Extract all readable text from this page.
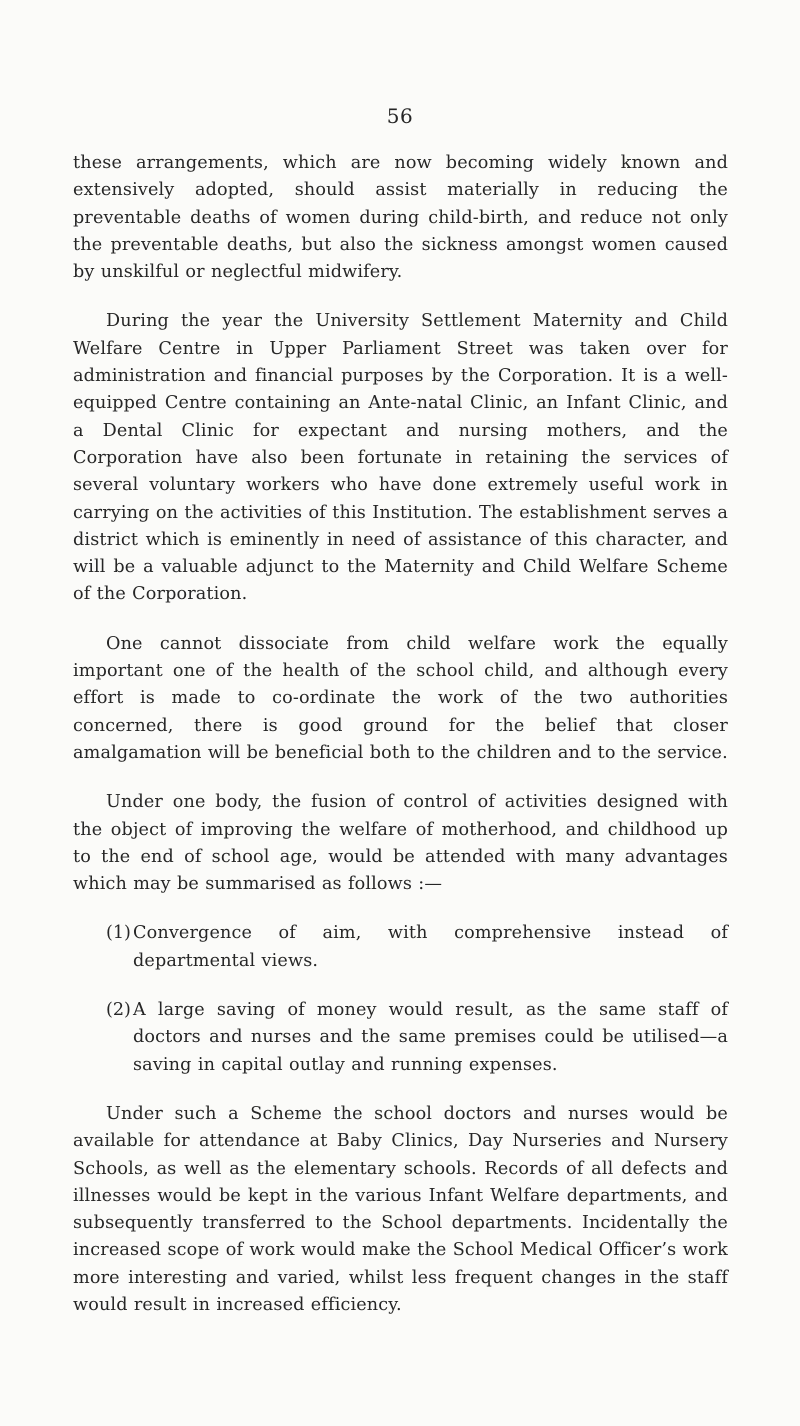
56

these arrangements, which are now becoming widely known and extensively adopted, should assist materially in reducing the preventable deaths of women during child-birth, and reduce not only the preventable deaths, but also the sickness amongst women caused by unskilful or neglectful midwifery.

During the year the University Settlement Maternity and Child Welfare Centre in Upper Parliament Street was taken over for administration and financial purposes by the Corporation. It is a well-equipped Centre containing an Ante-natal Clinic, an Infant Clinic, and a Dental Clinic for expectant and nursing mothers, and the Corporation have also been fortunate in retaining the services of several voluntary workers who have done extremely useful work in carrying on the activities of this Institution. The establishment serves a district which is eminently in need of assistance of this character, and will be a valuable adjunct to the Maternity and Child Welfare Scheme of the Corporation.

One cannot dissociate from child welfare work the equally important one of the health of the school child, and although every effort is made to co-ordinate the work of the two authorities concerned, there is good ground for the belief that closer amalgamation will be beneficial both to the children and to the service.

Under one body, the fusion of control of activities designed with the object of improving the welfare of motherhood, and childhood up to the end of school age, would be attended with many advantages which may be summarised as follows :—

(1) Convergence of aim, with comprehensive instead of departmental views.

(2) A large saving of money would result, as the same staff of doctors and nurses and the same premises could be utilised—a saving in capital outlay and running expenses.

Under such a Scheme the school doctors and nurses would be available for attendance at Baby Clinics, Day Nurseries and Nursery Schools, as well as the elementary schools. Records of all defects and illnesses would be kept in the various Infant Welfare departments, and subsequently transferred to the School departments. Incidentally the increased scope of work would make the School Medical Officer’s work more interesting and varied, whilst less frequent changes in the staff would result in increased efficiency.
